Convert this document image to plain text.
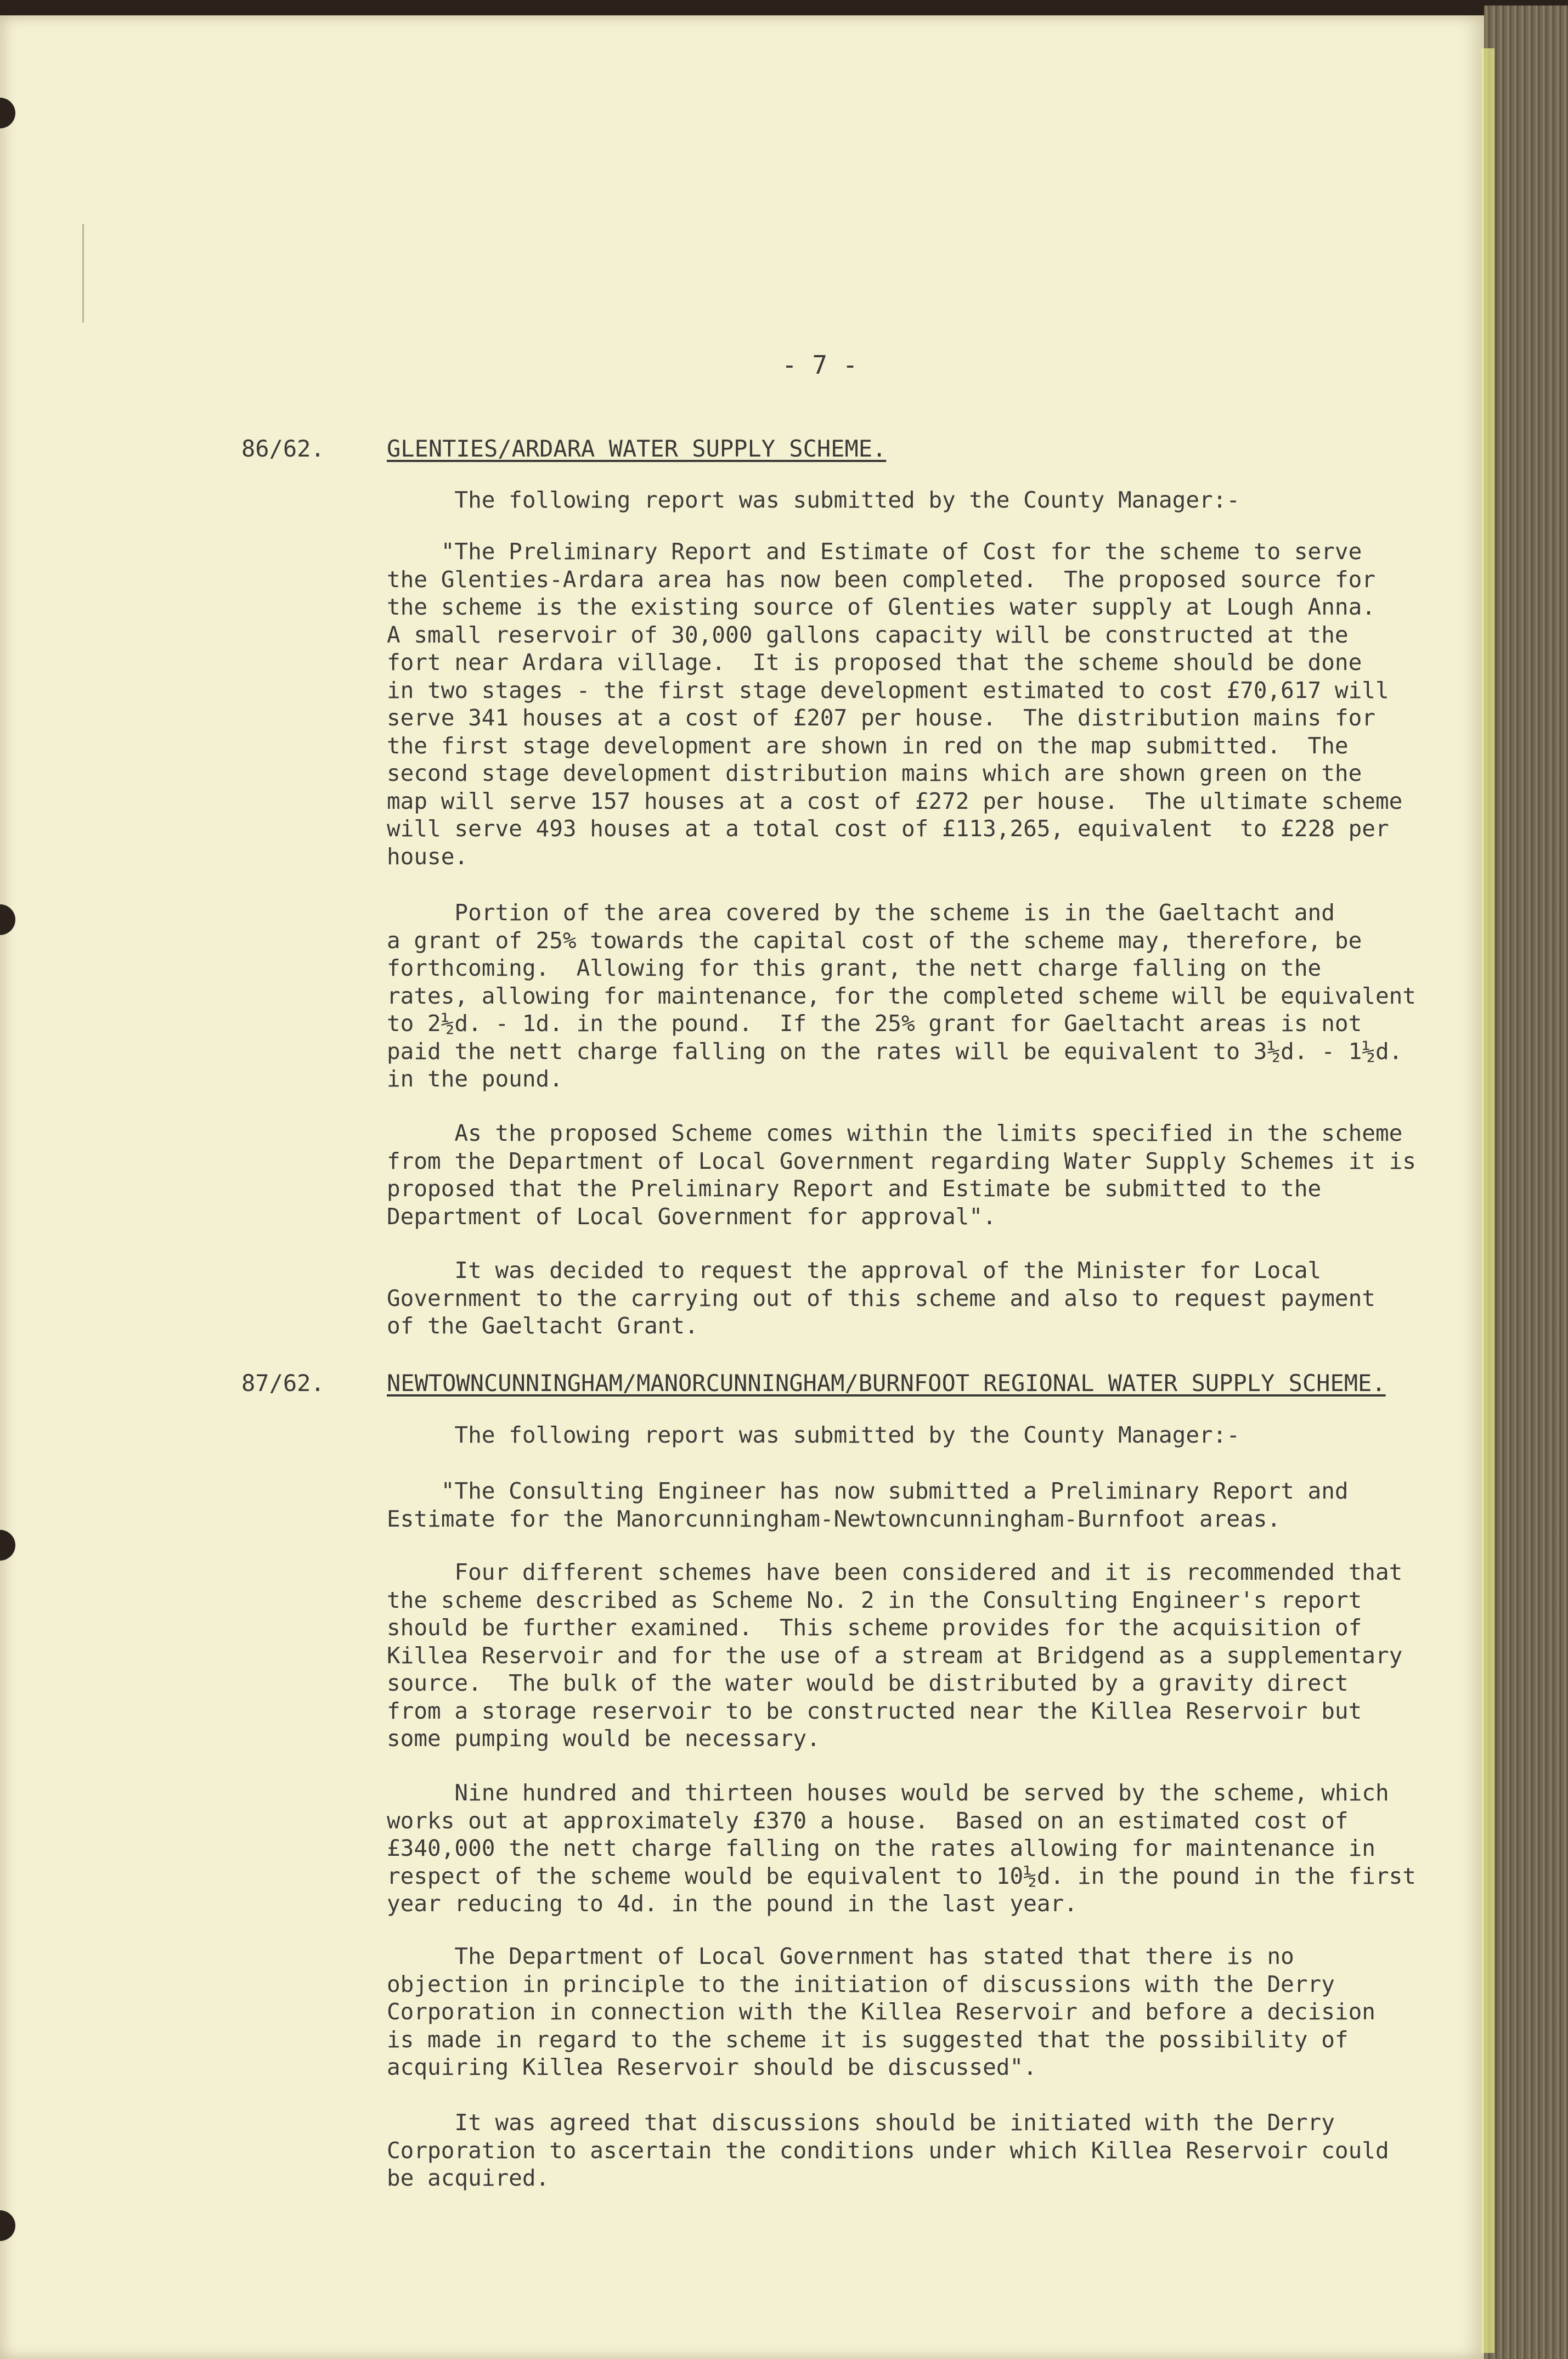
- 7 -
86/62.	GLENTIES/ARDARA WATER SUPPLY SCHEME.

The following report was submitted by the County Manager:-

"The Preliminary Report and Estimate of Cost for the scheme to serve
the Glenties-Ardara area has now been completed.  The proposed source for
the scheme is the existing source of Glenties water supply at Lough Anna.
A small reservoir of 30,000 gallons capacity will be constructed at the
fort near Ardara village.  It is proposed that the scheme should be done
in two stages - the first stage development estimated to cost £70,617 will
serve 341 houses at a cost of £207 per house.  The distribution mains for
the first stage development are shown in red on the map submitted.  The
second stage development distribution mains which are shown green on the
map will serve 157 houses at a cost of £272 per house.  The ultimate scheme
will serve 493 houses at a total cost of £113,265, equivalent  to £228 per
house.

Portion of the area covered by the scheme is in the Gaeltacht and
a grant of 25% towards the capital cost of the scheme may, therefore, be
forthcoming.  Allowing for this grant, the nett charge falling on the
rates, allowing for maintenance, for the completed scheme will be equivalent
to 2½d. - 1d. in the pound.  If the 25% grant for Gaeltacht areas is not
paid the nett charge falling on the rates will be equivalent to 3½d. - 1½d.
in the pound.

As the proposed Scheme comes within the limits specified in the scheme
from the Department of Local Government regarding Water Supply Schemes it is
proposed that the Preliminary Report and Estimate be submitted to the
Department of Local Government for approval".

It was decided to request the approval of the Minister for Local
Government to the carrying out of this scheme and also to request payment
of the Gaeltacht Grant.

87/62.	NEWTOWNCUNNINGHAM/MANORCUNNINGHAM/BURNFOOT REGIONAL WATER SUPPLY SCHEME.

The following report was submitted by the County Manager:-

"The Consulting Engineer has now submitted a Preliminary Report and
Estimate for the Manorcunningham-Newtowncunningham-Burnfoot areas.

Four different schemes have been considered and it is recommended that
the scheme described as Scheme No. 2 in the Consulting Engineer's report
should be further examined.  This scheme provides for the acquisition of
Killea Reservoir and for the use of a stream at Bridgend as a supplementary
source.  The bulk of the water would be distributed by a gravity direct
from a storage reservoir to be constructed near the Killea Reservoir but
some pumping would be necessary.

Nine hundred and thirteen houses would be served by the scheme, which
works out at approximately £370 a house.  Based on an estimated cost of
£340,000 the nett charge falling on the rates allowing for maintenance in
respect of the scheme would be equivalent to 10½d. in the pound in the first
year reducing to 4d. in the pound in the last year.

The Department of Local Government has stated that there is no
objection in principle to the initiation of discussions with the Derry
Corporation in connection with the Killea Reservoir and before a decision
is made in regard to the scheme it is suggested that the possibility of
acquiring Killea Reservoir should be discussed".

It was agreed that discussions should be initiated with the Derry
Corporation to ascertain the conditions under which Killea Reservoir could
be acquired.
